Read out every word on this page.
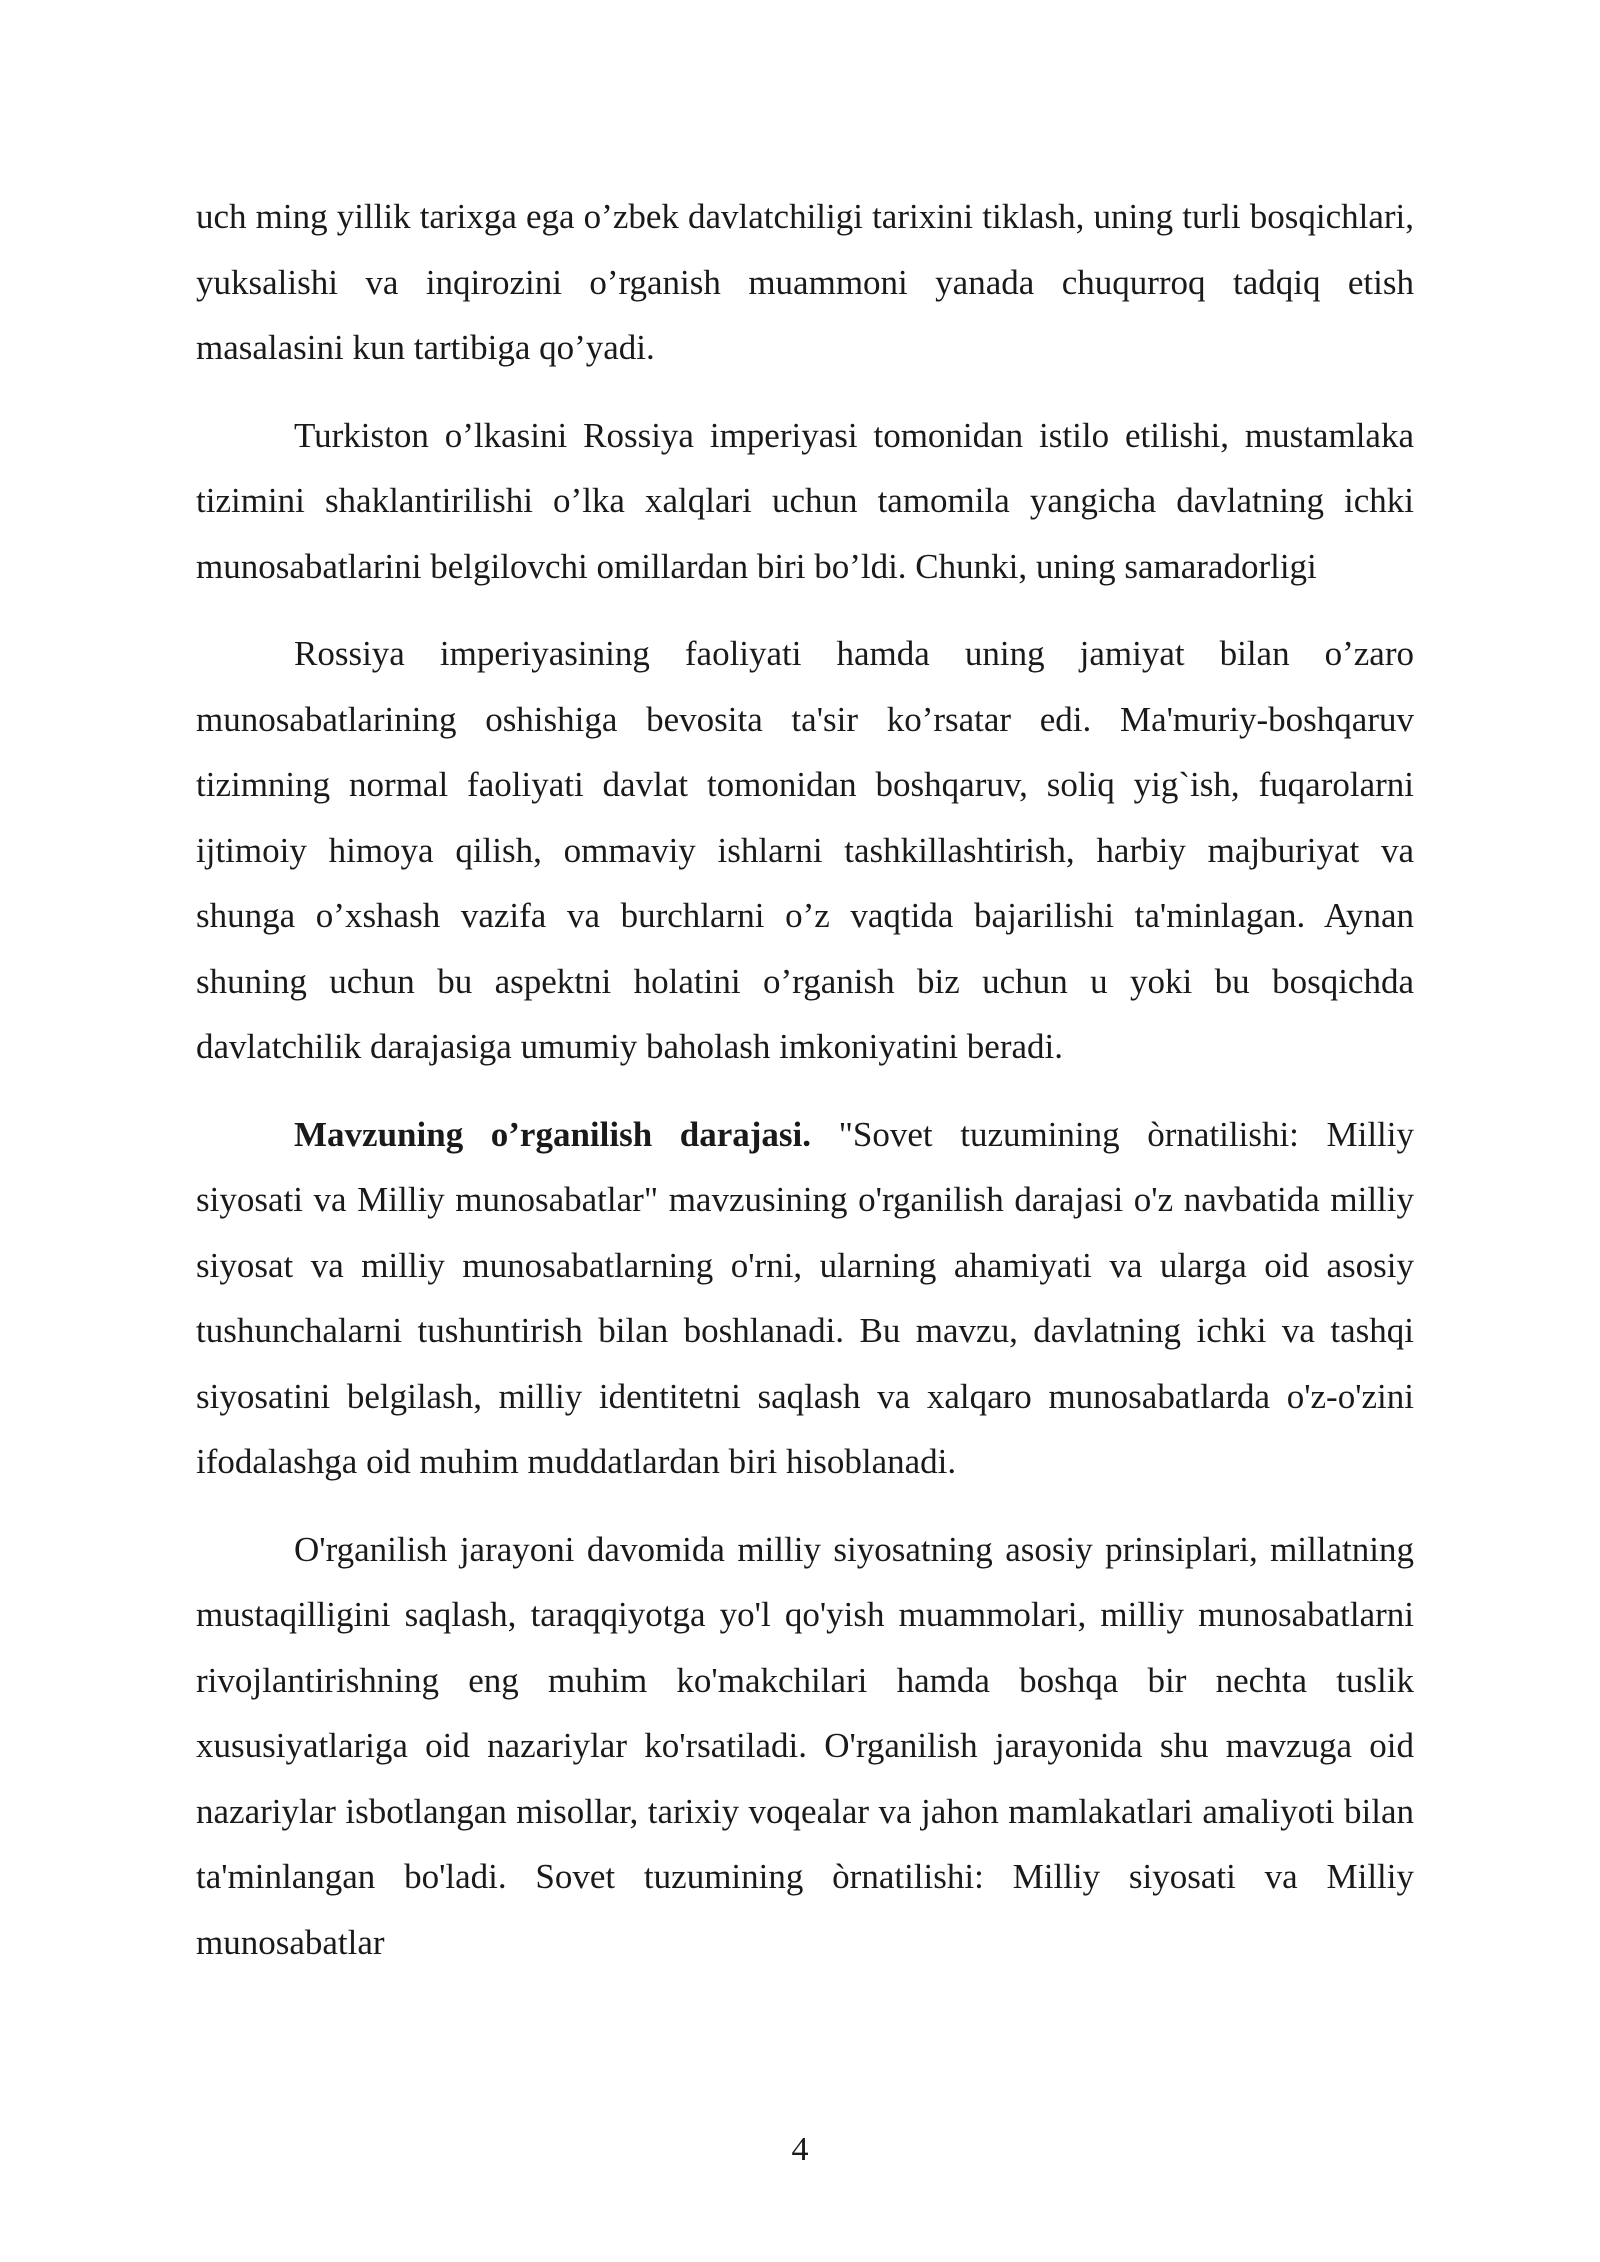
uch ming yillik tarixga ega o’zbek davlatchiligi tarixini tiklash, uning turli bosqichlari, yuksalishi va inqirozini o’rganish muammoni yanada chuqurroq tadqiq etish masalasini kun tartibiga qo’yadi.

Turkiston o’lkasini Rossiya imperiyasi tomonidan istilo etilishi, mustamlaka tizimini shaklantirilishi o’lka xalqlari uchun tamomila yangicha davlatning ichki munosabatlarini belgilovchi omillardan biri bo’ldi. Chunki, uning samaradorligi

Rossiya imperiyasining faoliyati hamda uning jamiyat bilan o’zaro munosabatlarining oshishiga bevosita ta'sir ko’rsatar edi. Ma'muriy-boshqaruv tizimning normal faoliyati davlat tomonidan boshqaruv, soliq yig`ish, fuqarolarni ijtimoiy himoya qilish, ommaviy ishlarni tashkillashtirish, harbiy majburiyat va shunga o’xshash vazifa va burchlarni o’z vaqtida bajarilishi ta'minlagan. Aynan shuning uchun bu aspektni holatini o’rganish biz uchun u yoki bu bosqichda davlatchilik darajasiga umumiy baholash imkoniyatini beradi.

Mavzuning o’rganilish darajasi. "Sovet tuzumining òrnatilishi: Milliy siyosati va Milliy munosabatlar" mavzusining o'rganilish darajasi o'z navbatida milliy siyosat va milliy munosabatlarning o'rni, ularning ahamiyati va ularga oid asosiy tushunchalarni tushuntirish bilan boshlanadi. Bu mavzu, davlatning ichki va tashqi siyosatini belgilash, milliy identitetni saqlash va xalqaro munosabatlarda o'z-o'zini ifodalashga oid muhim muddatlardan biri hisoblanadi.

O'rganilish jarayoni davomida milliy siyosatning asosiy prinsiplari, millatning mustaqilligini saqlash, taraqqiyotga yo'l qo'yish muammolari, milliy munosabatlarni rivojlantirishning eng muhim ko'makchilari hamda boshqa bir nechta tuslik xususiyatlariga oid nazariylar ko'rsatiladi. O'rganilish jarayonida shu mavzuga oid nazariylar isbotlangan misollar, tarixiy voqealar va jahon mamlakatlari amaliyoti bilan ta'minlangan bo'ladi. Sovet tuzumining òrnatilishi: Milliy siyosati va Milliy munosabatlar

4
